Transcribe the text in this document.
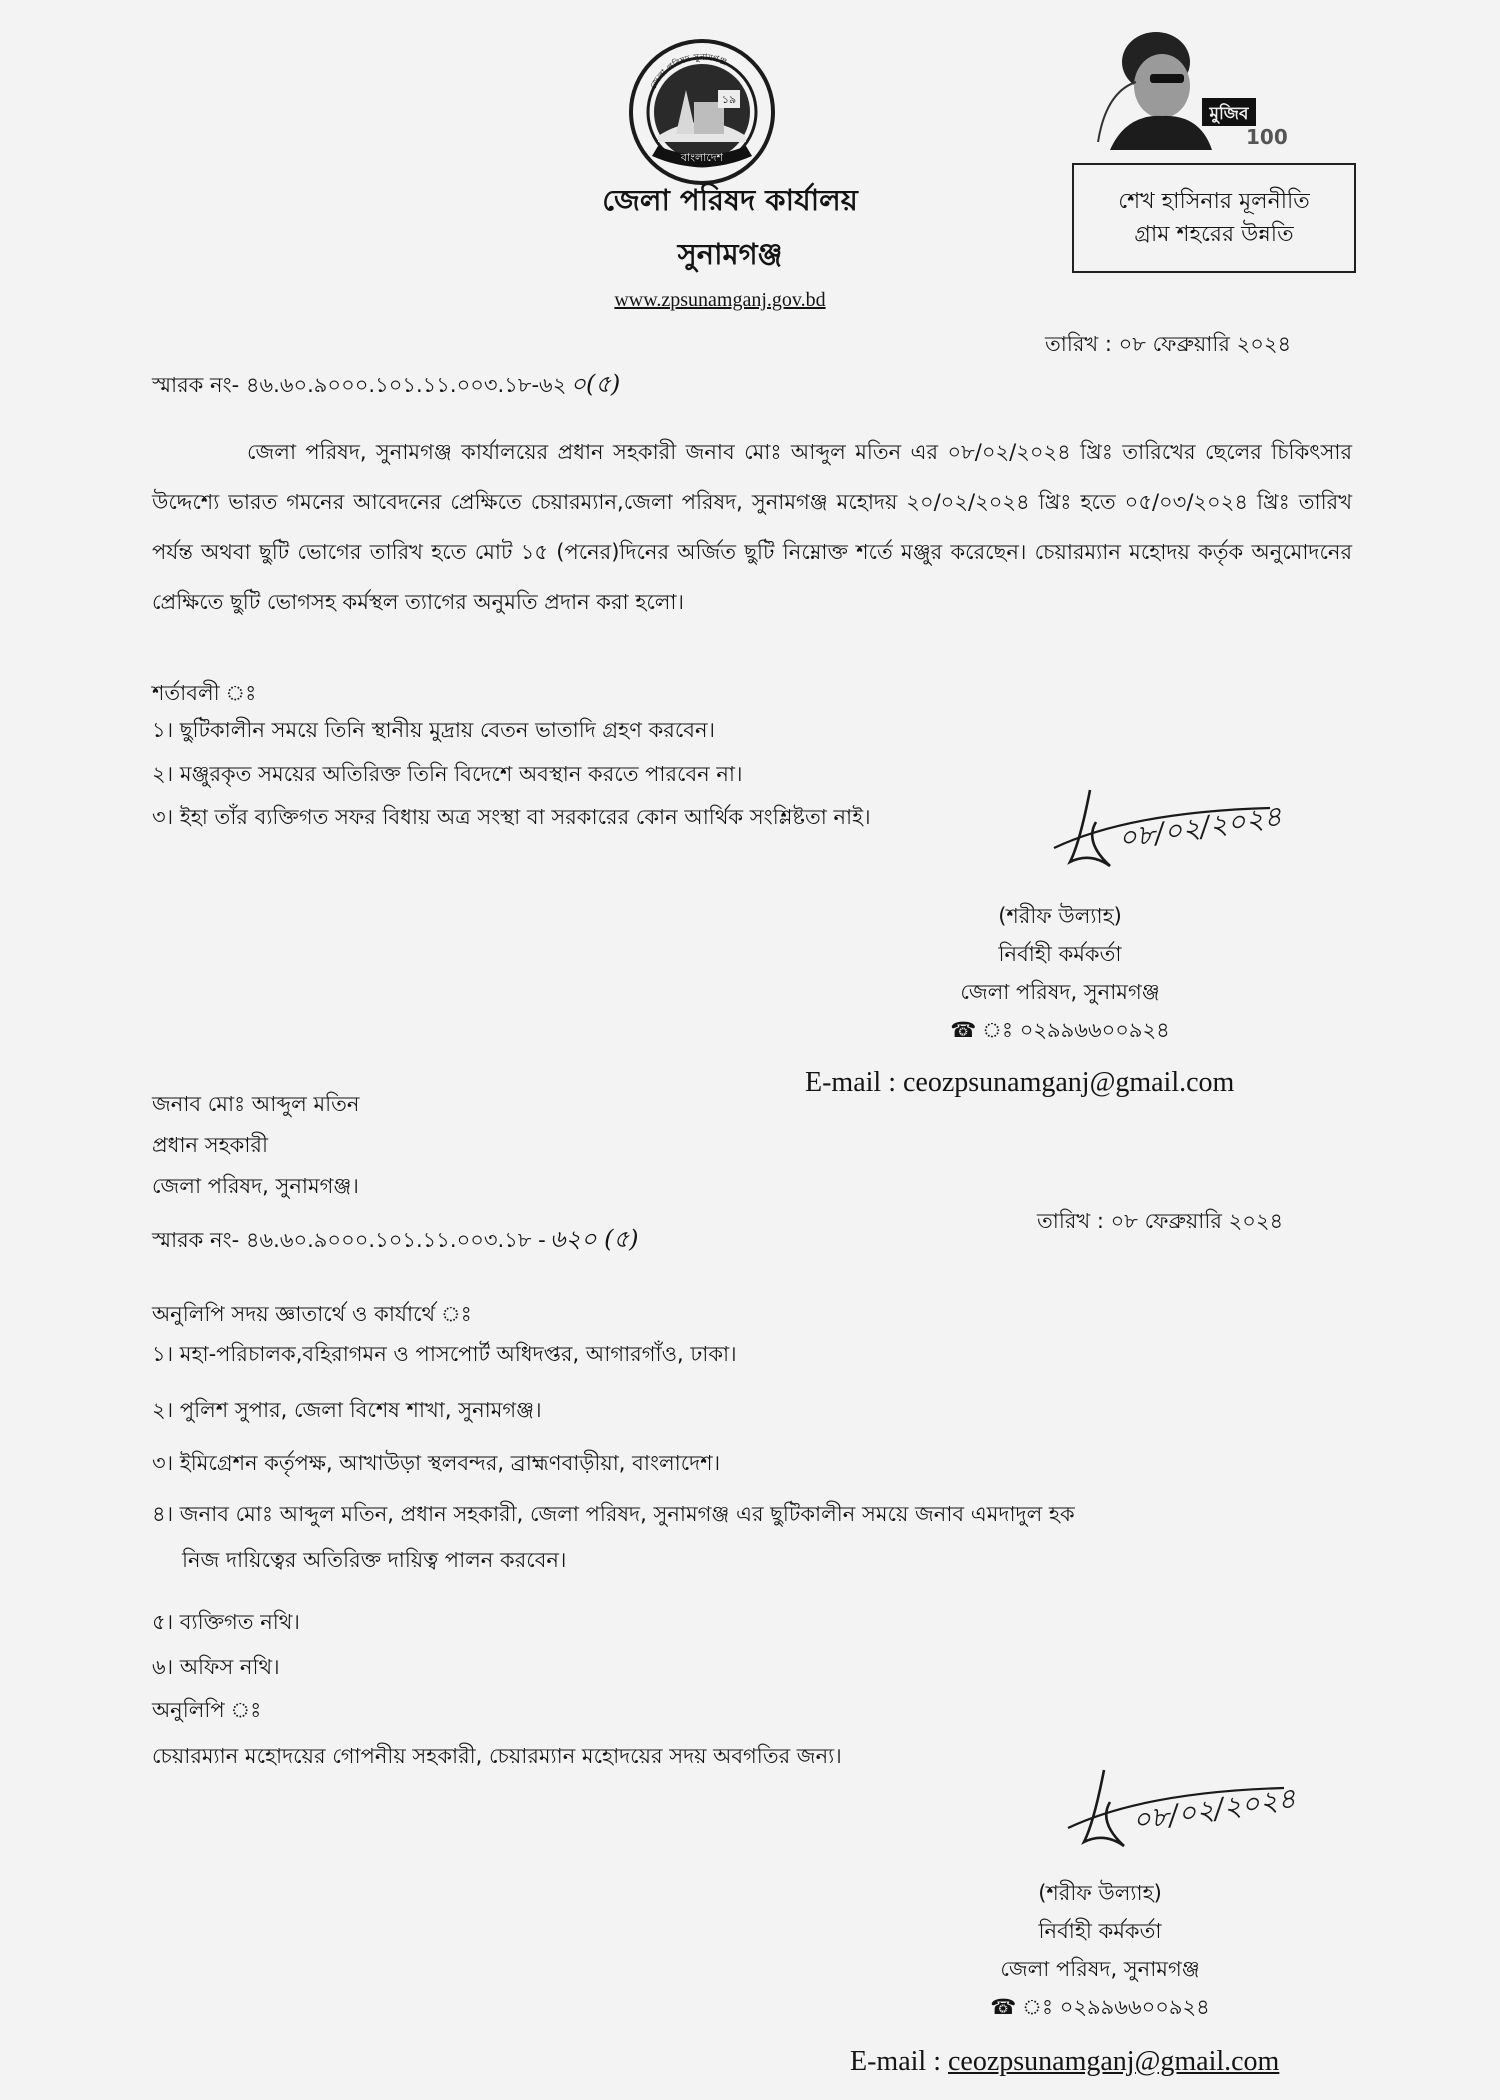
১৯
বাংলাদেশ
জেলা পরিষদ সুনামগঞ্জ
জেলা পরিষদ কার্যালয়
সুনামগঞ্জ
www.zpsunamganj.gov.bd
মুজিব
100
শেখ হাসিনার মূলনীতি
গ্রাম শহরের উন্নতি
তারিখ : ০৮ ফেব্রুয়ারি ২০২৪
স্মারক নং- ৪৬.৬০.৯০০০.১০১.১১.০০৩.১৮-৬২ ০(৫)
জেলা পরিষদ, সুনামগঞ্জ কার্যালয়ের প্রধান সহকারী জনাব মোঃ আব্দুল মতিন এর ০৮/০২/২০২৪ খ্রিঃ তারিখের ছেলের চিকিৎসার উদ্দেশ্যে ভারত গমনের আবেদনের প্রেক্ষিতে চেয়ারম্যান,জেলা পরিষদ, সুনামগঞ্জ মহোদয় ২০/০২/২০২৪ খ্রিঃ হতে ০৫/০৩/২০২৪ খ্রিঃ তারিখ পর্যন্ত অথবা ছুটি ভোগের তারিখ হতে মোট ১৫ (পনের)দিনের অর্জিত ছুটি নিম্নোক্ত শর্তে মঞ্জুর করেছেন। চেয়ারম্যান মহোদয় কর্তৃক অনুমোদনের প্রেক্ষিতে ছুটি ভোগসহ কর্মস্থল ত্যাগের অনুমতি প্রদান করা হলো।
শর্তাবলী ঃ
১। ছুটিকালীন সময়ে তিনি স্থানীয় মুদ্রায় বেতন ভাতাদি গ্রহণ করবেন।
২। মঞ্জুরকৃত সময়ের অতিরিক্ত তিনি বিদেশে অবস্থান করতে পারবেন না।
৩। ইহা তাঁর ব্যক্তিগত সফর বিধায় অত্র সংস্থা বা সরকারের কোন আর্থিক সংশ্লিষ্টতা নাই।	০৮/০২/২০২৪
(শরীফ উল্যাহ)
নির্বাহী কর্মকর্তা
জেলা পরিষদ, সুনামগঞ্জ
☎ ঃ ০২৯৯৬৬০০৯২৪
E-mail : ceozpsunamganj@gmail.com
জনাব মোঃ আব্দুল মতিন
প্রধান সহকারী
জেলা পরিষদ, সুনামগঞ্জ।
স্মারক নং- ৪৬.৬০.৯০০০.১০১.১১.০০৩.১৮ - ৬২০ (৫)
তারিখ : ০৮ ফেব্রুয়ারি ২০২৪
অনুলিপি সদয় জ্ঞাতার্থে ও কার্যার্থে ঃ
১। মহা-পরিচালক,বহিরাগমন ও পাসপোর্ট অধিদপ্তর, আগারগাঁও, ঢাকা।
২। পুলিশ সুপার, জেলা বিশেষ শাখা, সুনামগঞ্জ।
৩। ইমিগ্রেশন কর্তৃপক্ষ, আখাউড়া স্থলবন্দর, ব্রাহ্মণবাড়ীয়া, বাংলাদেশ।
৪। জনাব মোঃ আব্দুল মতিন, প্রধান সহকারী, জেলা পরিষদ, সুনামগঞ্জ এর ছুটিকালীন সময়ে জনাব এমদাদুল হক
নিজ দায়িত্বের অতিরিক্ত দায়িত্ব পালন করবেন।
৫। ব্যক্তিগত নথি।
৬। অফিস নথি।
অনুলিপি ঃ
চেয়ারম্যান মহোদয়ের গোপনীয় সহকারী, চেয়ারম্যান মহোদয়ের সদয় অবগতির জন্য।
০৮/০২/২০২৪
(শরীফ উল্যাহ)
নির্বাহী কর্মকর্তা
জেলা পরিষদ, সুনামগঞ্জ
☎ ঃ ০২৯৯৬৬০০৯২৪
E-mail : ceozpsunamganj@gmail.com
